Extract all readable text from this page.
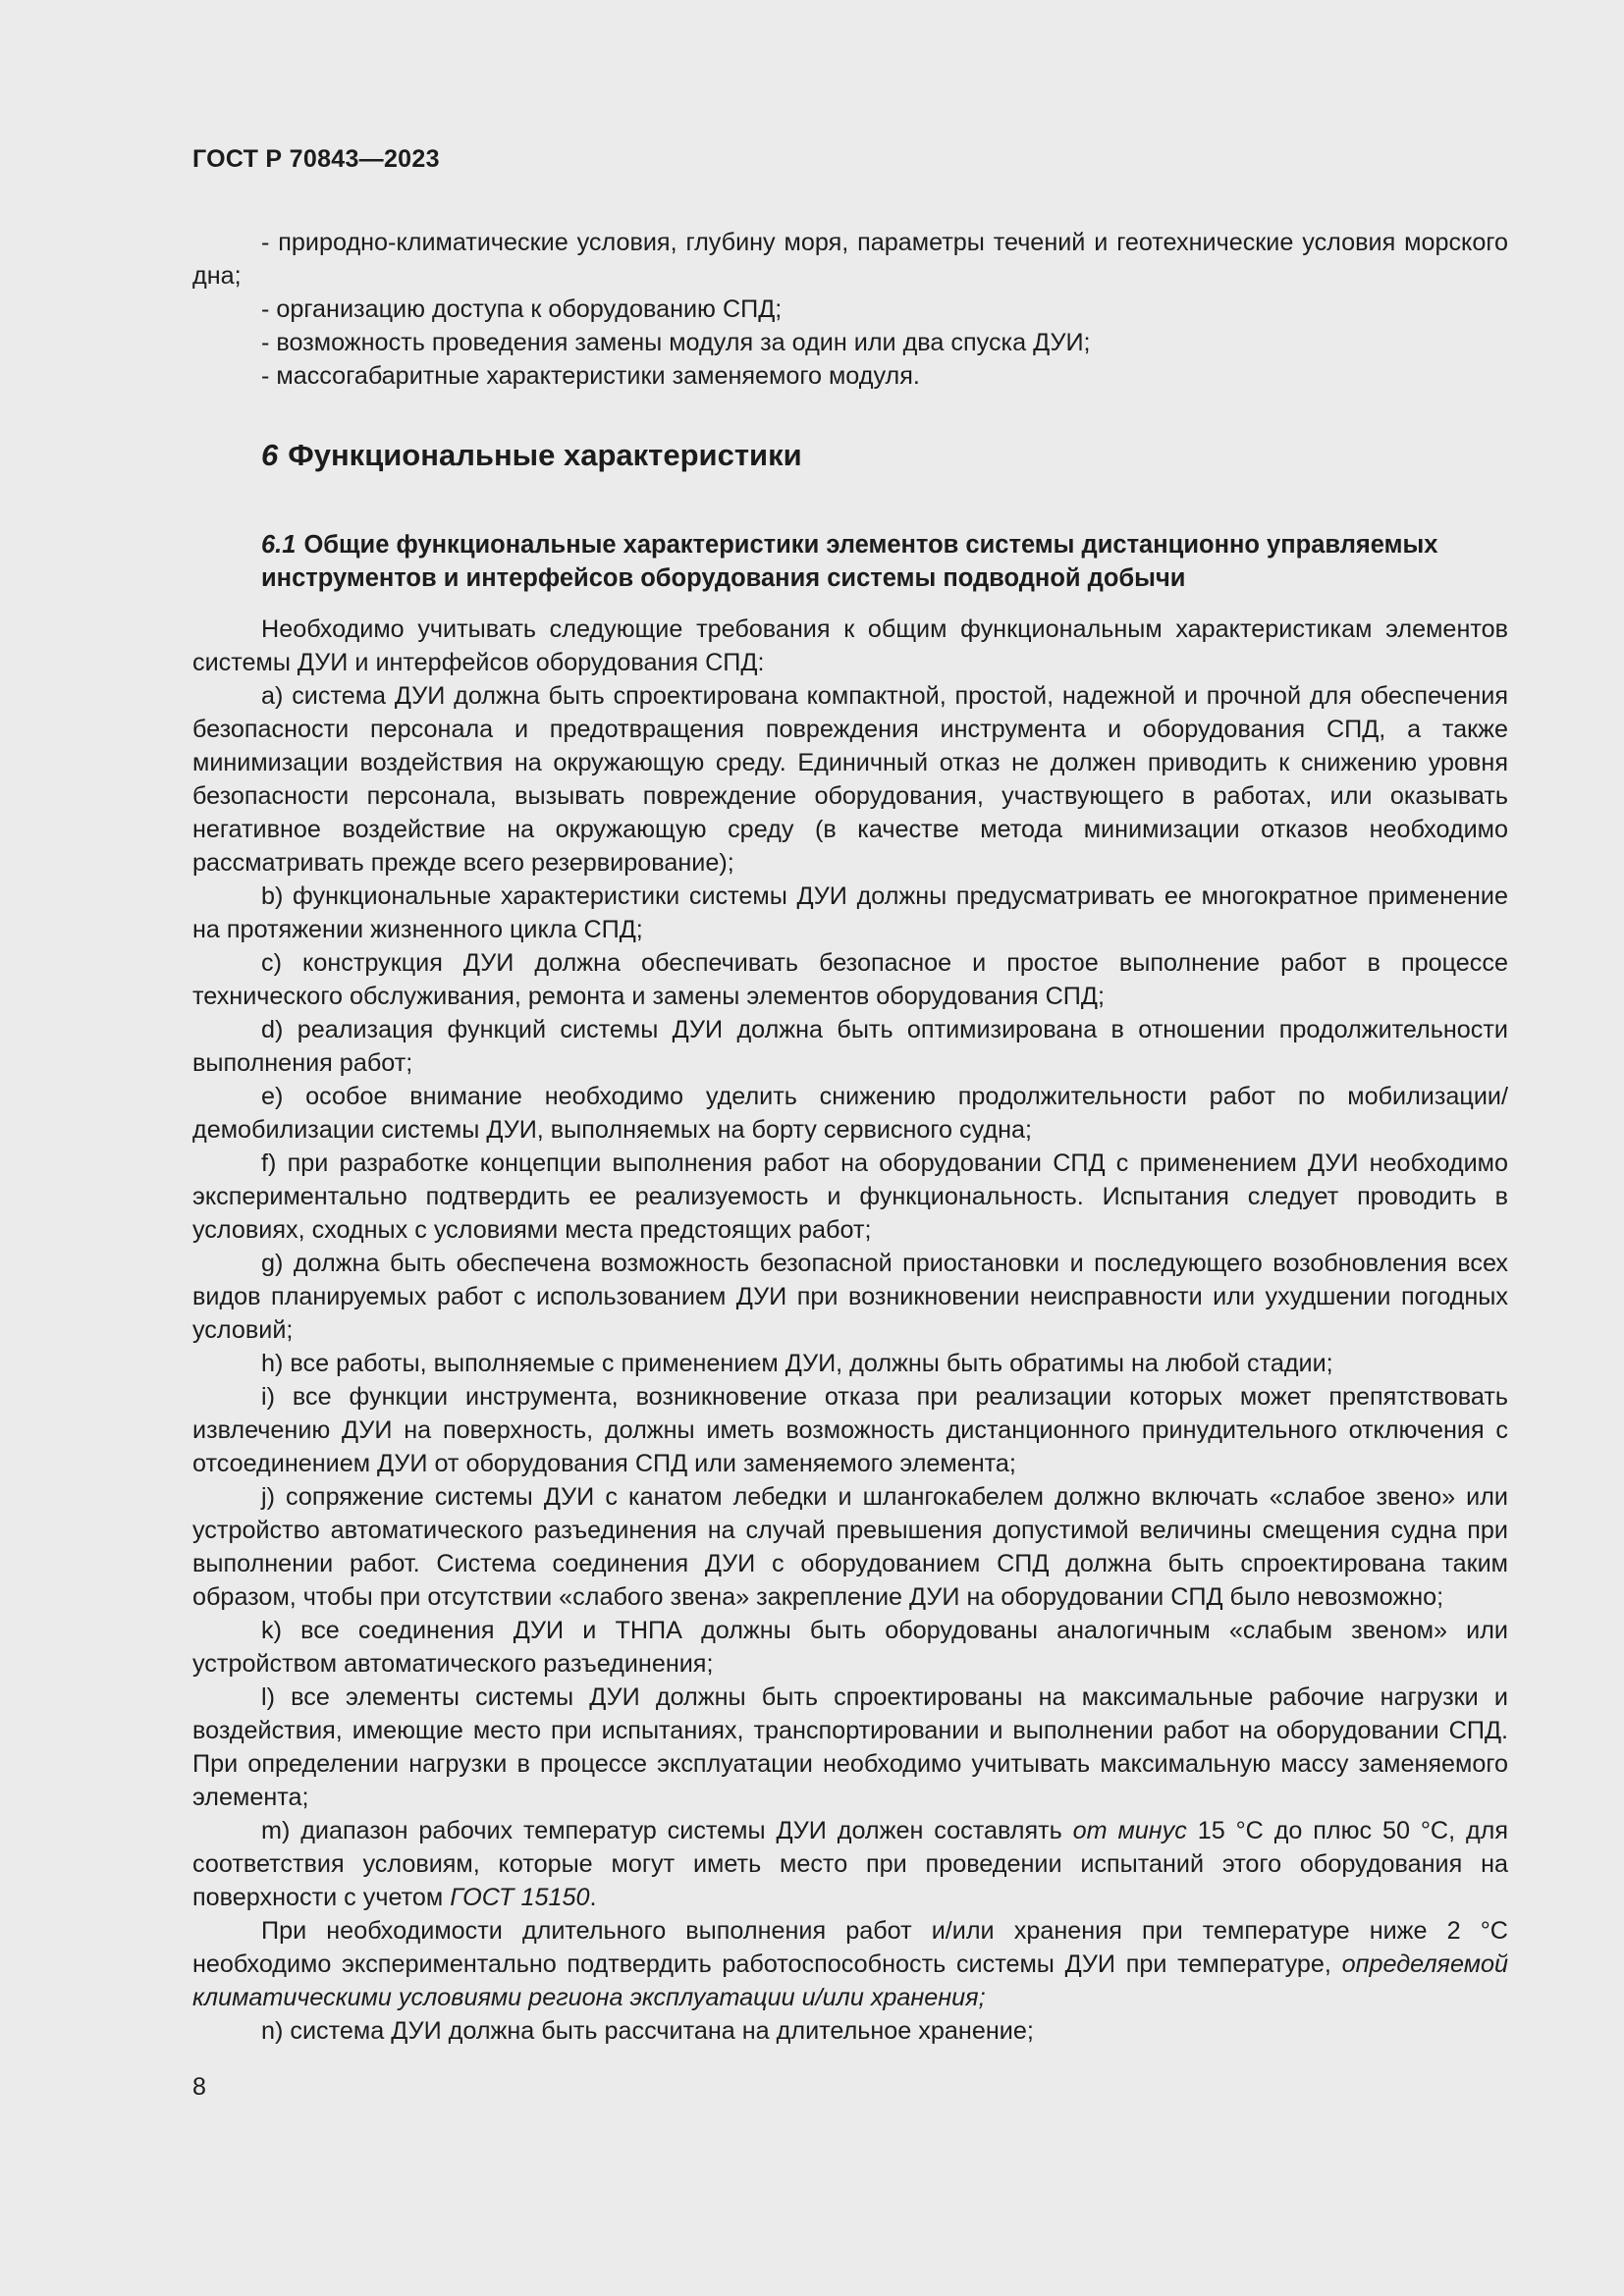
ГОСТ Р 70843—2023

- природно-климатические условия, глубину моря, параметры течений и геотехнические условия морского дна;

- организацию доступа к оборудованию СПД;

- возможность проведения замены модуля за один или два спуска ДУИ;

- массогабаритные характеристики заменяемого модуля.

6 Функциональные характеристики
6.1 Общие функциональные характеристики элементов системы дистанционно управляемых инструментов и интерфейсов оборудования системы подводной добычи

Необходимо учитывать следующие требования к общим функциональным характеристикам элементов системы ДУИ и интерфейсов оборудования СПД:

а) система ДУИ должна быть спроектирована компактной, простой, надежной и прочной для обеспечения безопасности персонала и предотвращения повреждения инструмента и оборудования СПД, а также минимизации воздействия на окружающую среду. Единичный отказ не должен приводить к снижению уровня безопасности персонала, вызывать повреждение оборудования, участвующего в работах, или оказывать негативное воздействие на окружающую среду (в качестве метода минимизации отказов необходимо рассматривать прежде всего резервирование);

b) функциональные характеристики системы ДУИ должны предусматривать ее многократное применение на протяжении жизненного цикла СПД;

c) конструкция ДУИ должна обеспечивать безопасное и простое выполнение работ в процессе технического обслуживания, ремонта и замены элементов оборудования СПД;

d) реализация функций системы ДУИ должна быть оптимизирована в отношении продолжительности выполнения работ;

e) особое внимание необходимо уделить снижению продолжительности работ по мобилизации/демобилизации системы ДУИ, выполняемых на борту сервисного судна;

f) при разработке концепции выполнения работ на оборудовании СПД с применением ДУИ необходимо экспериментально подтвердить ее реализуемость и функциональность. Испытания следует проводить в условиях, сходных с условиями места предстоящих работ;

g) должна быть обеспечена возможность безопасной приостановки и последующего возобновления всех видов планируемых работ с использованием ДУИ при возникновении неисправности или ухудшении погодных условий;

h) все работы, выполняемые с применением ДУИ, должны быть обратимы на любой стадии;

i) все функции инструмента, возникновение отказа при реализации которых может препятствовать извлечению ДУИ на поверхность, должны иметь возможность дистанционного принудительного отключения с отсоединением ДУИ от оборудования СПД или заменяемого элемента;

j) сопряжение системы ДУИ с канатом лебедки и шлангокабелем должно включать «слабое звено» или устройство автоматического разъединения на случай превышения допустимой величины смещения судна при выполнении работ. Система соединения ДУИ с оборудованием СПД должна быть спроектирована таким образом, чтобы при отсутствии «слабого звена» закрепление ДУИ на оборудовании СПД было невозможно;

k) все соединения ДУИ и ТНПА должны быть оборудованы аналогичным «слабым звеном» или устройством автоматического разъединения;

l) все элементы системы ДУИ должны быть спроектированы на максимальные рабочие нагрузки и воздействия, имеющие место при испытаниях, транспортировании и выполнении работ на оборудовании СПД. При определении нагрузки в процессе эксплуатации необходимо учитывать максимальную массу заменяемого элемента;

m) диапазон рабочих температур системы ДУИ должен составлять от минус 15 °С до плюс 50 °С, для соответствия условиям, которые могут иметь место при проведении испытаний этого оборудования на поверхности с учетом ГОСТ 15150.

При необходимости длительного выполнения работ и/или хранения при температуре ниже 2 °С необходимо экспериментально подтвердить работоспособность системы ДУИ при температуре, определяемой климатическими условиями региона эксплуатации и/или хранения;

n) система ДУИ должна быть рассчитана на длительное хранение;

8
